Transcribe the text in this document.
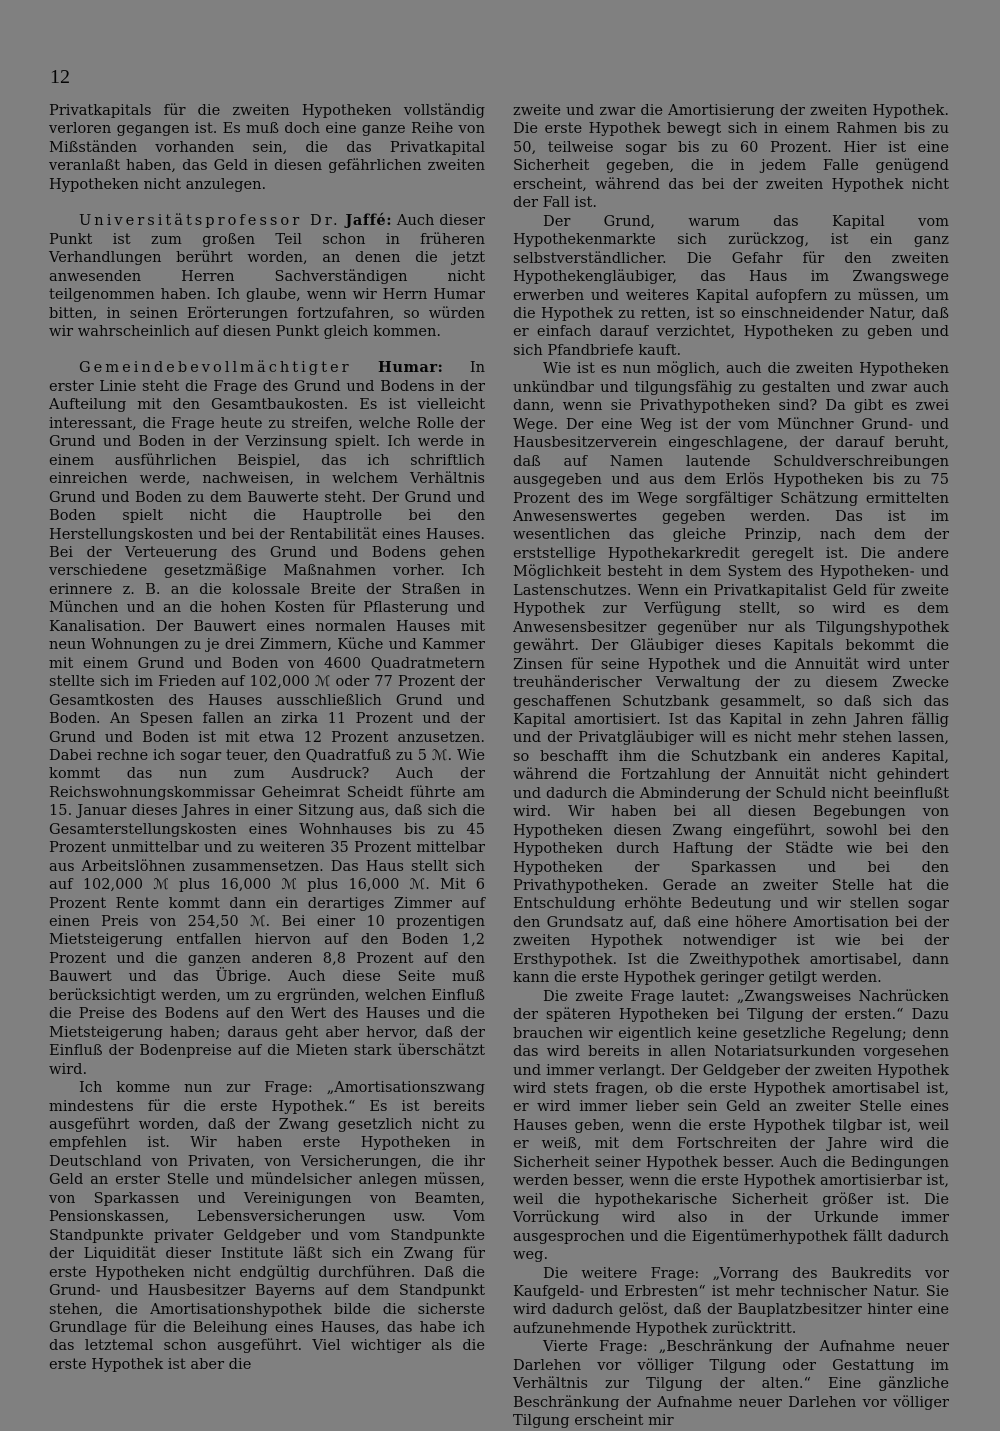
12

Privatkapitals für die zweiten Hypotheken vollständig verloren gegangen ist. Es muß doch eine ganze Reihe von Mißständen vorhanden sein, die das Privatkapital veranlaßt haben, das Geld in diesen gefährlichen zweiten Hypotheken nicht anzulegen.

Universitätsprofessor Dr. Jaffé: Auch dieser Punkt ist zum großen Teil schon in früheren Verhandlungen berührt worden, an denen die jetzt anwesenden Herren Sachverständigen nicht teilgenommen haben. Ich glaube, wenn wir Herrn Humar bitten, in seinen Erörterungen fortzufahren, so würden wir wahrscheinlich auf diesen Punkt gleich kommen.

Gemeindebevollmächtigter Humar: In erster Linie steht die Frage des Grund und Bodens in der Aufteilung mit den Gesamtbaukosten. Es ist vielleicht interessant, die Frage heute zu streifen, welche Rolle der Grund und Boden in der Verzinsung spielt. Ich werde in einem ausführlichen Beispiel, das ich schriftlich einreichen werde, nachweisen, in welchem Verhältnis Grund und Boden zu dem Bauwerte steht. Der Grund und Boden spielt nicht die Hauptrolle bei den Herstellungskosten und bei der Rentabilität eines Hauses. Bei der Verteuerung des Grund und Bodens gehen verschiedene gesetzmäßige Maßnahmen vorher. Ich erinnere z. B. an die kolossale Breite der Straßen in München und an die hohen Kosten für Pflasterung und Kanalisation. Der Bauwert eines normalen Hauses mit neun Wohnungen zu je drei Zimmern, Küche und Kammer mit einem Grund und Boden von 4600 Quadratmetern stellte sich im Frieden auf 102,000 ℳ oder 77 Prozent der Gesamtkosten des Hauses ausschließlich Grund und Boden. An Spesen fallen an zirka 11 Prozent und der Grund und Boden ist mit etwa 12 Prozent anzusetzen. Dabei rechne ich sogar teuer, den Quadratfuß zu 5 ℳ. Wie kommt das nun zum Ausdruck? Auch der Reichswohnungskommissar Geheimrat Scheidt führte am 15. Januar dieses Jahres in einer Sitzung aus, daß sich die Gesamterstellungskosten eines Wohnhauses bis zu 45 Prozent unmittelbar und zu weiteren 35 Prozent mittelbar aus Arbeitslöhnen zusammensetzen. Das Haus stellt sich auf 102,000 ℳ plus 16,000 ℳ plus 16,000 ℳ. Mit 6 Prozent Rente kommt dann ein derartiges Zimmer auf einen Preis von 254,50 ℳ. Bei einer 10 prozentigen Mietsteigerung entfallen hiervon auf den Boden 1,2 Prozent und die ganzen anderen 8,8 Prozent auf den Bauwert und das Übrige. Auch diese Seite muß berücksichtigt werden, um zu ergründen, welchen Einfluß die Preise des Bodens auf den Wert des Hauses und die Mietsteigerung haben; daraus geht aber hervor, daß der Einfluß der Bodenpreise auf die Mieten stark überschätzt wird.

Ich komme nun zur Frage: „Amortisationszwang mindestens für die erste Hypothek.“ Es ist bereits ausgeführt worden, daß der Zwang gesetzlich nicht zu empfehlen ist. Wir haben erste Hypotheken in Deutschland von Privaten, von Versicherungen, die ihr Geld an erster Stelle und mündelsicher anlegen müssen, von Sparkassen und Vereinigungen von Beamten, Pensionskassen, Lebensversicherungen usw. Vom Standpunkte privater Geldgeber und vom Standpunkte der Liquidität dieser Institute läßt sich ein Zwang für erste Hypotheken nicht endgültig durchführen. Daß die Grund- und Hausbesitzer Bayerns auf dem Standpunkt stehen, die Amortisationshypothek bilde die sicherste Grundlage für die Beleihung eines Hauses, das habe ich das letztemal schon ausgeführt. Viel wichtiger als die erste Hypothek ist aber die

zweite und zwar die Amortisierung der zweiten Hypothek. Die erste Hypothek bewegt sich in einem Rahmen bis zu 50, teilweise sogar bis zu 60 Prozent. Hier ist eine Sicherheit gegeben, die in jedem Falle genügend erscheint, während das bei der zweiten Hypothek nicht der Fall ist.

Der Grund, warum das Kapital vom Hypothekenmarkte sich zurückzog, ist ein ganz selbstverständlicher. Die Gefahr für den zweiten Hypothekengläubiger, das Haus im Zwangswege erwerben und weiteres Kapital aufopfern zu müssen, um die Hypothek zu retten, ist so einschneidender Natur, daß er einfach darauf verzichtet, Hypotheken zu geben und sich Pfandbriefe kauft.

Wie ist es nun möglich, auch die zweiten Hypotheken unkündbar und tilgungsfähig zu gestalten und zwar auch dann, wenn sie Privathypotheken sind? Da gibt es zwei Wege. Der eine Weg ist der vom Münchner Grund- und Hausbesitzerverein eingeschlagene, der darauf beruht, daß auf Namen lautende Schuldverschreibungen ausgegeben und aus dem Erlös Hypotheken bis zu 75 Prozent des im Wege sorgfältiger Schätzung ermittelten Anwesenswertes gegeben werden. Das ist im wesentlichen das gleiche Prinzip, nach dem der erststellige Hypothekarkredit geregelt ist. Die andere Möglichkeit besteht in dem System des Hypotheken- und Lastenschutzes. Wenn ein Privatkapitalist Geld für zweite Hypothek zur Verfügung stellt, so wird es dem Anwesensbesitzer gegenüber nur als Tilgungshypothek gewährt. Der Gläubiger dieses Kapitals bekommt die Zinsen für seine Hypothek und die Annuität wird unter treuhänderischer Verwaltung der zu diesem Zwecke geschaffenen Schutzbank gesammelt, so daß sich das Kapital amortisiert. Ist das Kapital in zehn Jahren fällig und der Privatgläubiger will es nicht mehr stehen lassen, so beschafft ihm die Schutzbank ein anderes Kapital, während die Fortzahlung der Annuität nicht gehindert und dadurch die Abminderung der Schuld nicht beeinflußt wird. Wir haben bei all diesen Begebungen von Hypotheken diesen Zwang eingeführt, sowohl bei den Hypotheken durch Haftung der Städte wie bei den Hypotheken der Sparkassen und bei den Privathypotheken. Gerade an zweiter Stelle hat die Entschuldung erhöhte Bedeutung und wir stellen sogar den Grundsatz auf, daß eine höhere Amortisation bei der zweiten Hypothek notwendiger ist wie bei der Ersthypothek. Ist die Zweithypothek amortisabel, dann kann die erste Hypothek geringer getilgt werden.

Die zweite Frage lautet: „Zwangsweises Nachrücken der späteren Hypotheken bei Tilgung der ersten.“ Dazu brauchen wir eigentlich keine gesetzliche Regelung; denn das wird bereits in allen Notariatsurkunden vorgesehen und immer verlangt. Der Geldgeber der zweiten Hypothek wird stets fragen, ob die erste Hypothek amortisabel ist, er wird immer lieber sein Geld an zweiter Stelle eines Hauses geben, wenn die erste Hypothek tilgbar ist, weil er weiß, mit dem Fortschreiten der Jahre wird die Sicherheit seiner Hypothek besser. Auch die Bedingungen werden besser, wenn die erste Hypothek amortisierbar ist, weil die hypothekarische Sicherheit größer ist. Die Vorrückung wird also in der Urkunde immer ausgesprochen und die Eigentümerhypothek fällt dadurch weg.

Die weitere Frage: „Vorrang des Baukredits vor Kaufgeld- und Erbresten“ ist mehr technischer Natur. Sie wird dadurch gelöst, daß der Bauplatzbesitzer hinter eine aufzunehmende Hypothek zurücktritt.

Vierte Frage: „Beschränkung der Aufnahme neuer Darlehen vor völliger Tilgung oder Gestattung im Verhältnis zur Tilgung der alten.“ Eine gänzliche Beschränkung der Aufnahme neuer Darlehen vor völliger Tilgung erscheint mir
